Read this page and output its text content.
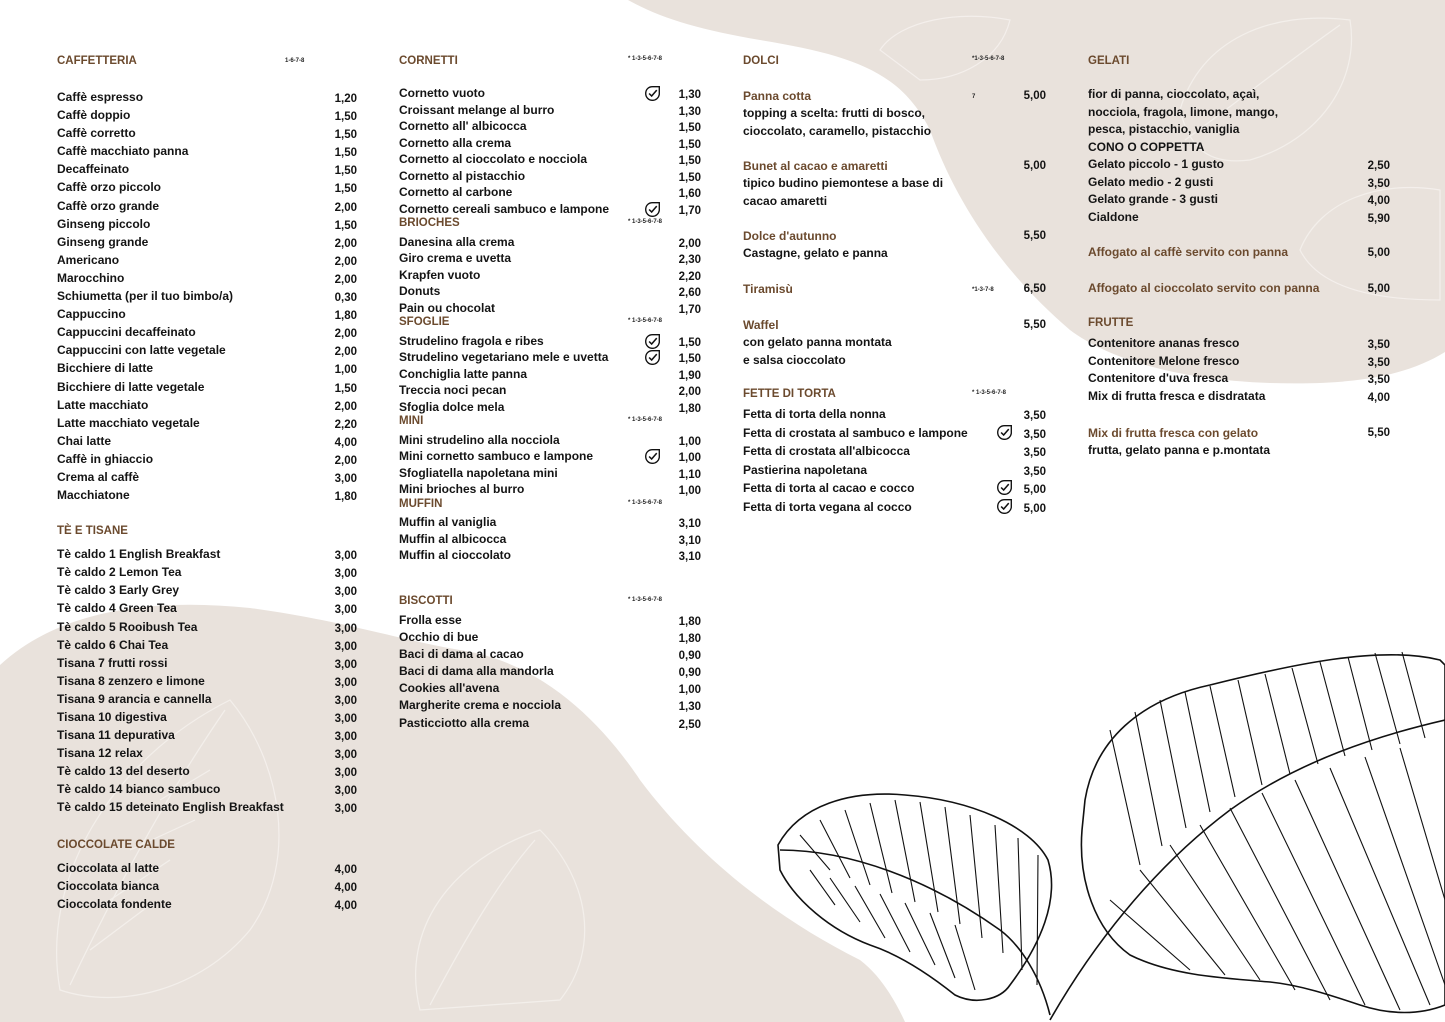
CAFFETTERIA	1-6-7-8
Caffè espresso	1,20
Caffè doppio	1,50
Caffè corretto	1,50
Caffè macchiato panna	1,50
Decaffeinato	1,50
Caffè orzo piccolo	1,50
Caffè orzo grande	2,00
Ginseng piccolo	1,50
Ginseng grande	2,00
Americano	2,00
Marocchino	2,00
Schiumetta (per il tuo bimbo/a)	0,30
Cappuccino	1,80
Cappuccini decaffeinato	2,00
Cappuccini con latte vegetale	2,00
Bicchiere di latte	1,00
Bicchiere di latte vegetale	1,50
Latte macchiato	2,00
Latte macchiato vegetale	2,20
Chai latte	4,00
Caffè in ghiaccio	2,00
Crema al caffè	3,00
Macchiatone	1,80
TÈ E TISANE
Tè caldo 1 English Breakfast	3,00
Tè caldo 2 Lemon Tea	3,00
Tè caldo 3 Early Grey	3,00
Tè caldo 4 Green Tea	3,00
Tè caldo 5 Rooibush Tea	3,00
Tè caldo 6 Chai Tea	3,00
Tisana 7 frutti rossi	3,00
Tisana 8 zenzero e limone	3,00
Tisana 9 arancia e cannella	3,00
Tisana 10 digestiva	3,00
Tisana 11 depurativa	3,00
Tisana 12 relax	3,00
Tè caldo 13 del deserto	3,00
Tè caldo 14 bianco sambuco	3,00
Tè caldo 15 deteinato English Breakfast	3,00
CIOCCOLATE CALDE
Cioccolata al latte	4,00
Cioccolata bianca	4,00
Cioccolata fondente	4,00
CORNETTI	* 1-3-5-6-7-8
Cornetto vuoto	1,30
Croissant melange al burro	1,30
Cornetto all' albicocca	1,50
Cornetto alla crema	1,50
Cornetto al cioccolato e nocciola	1,50
Cornetto al pistacchio	1,50
Cornetto al carbone	1,60
Cornetto cereali sambuco e lampone	1,70
BRIOCHES	* 1-3-5-6-7-8
Danesina alla crema	2,00
Giro crema e uvetta	2,30
Krapfen vuoto	2,20
Donuts	2,60
Pain ou chocolat	1,70
SFOGLIE	* 1-3-5-6-7-8
Strudelino fragola e ribes	1,50
Strudelino vegetariano mele e uvetta	1,50
Conchiglia latte panna	1,90
Treccia noci pecan	2,00
Sfoglia dolce mela	1,80
MINI	* 1-3-5-6-7-8
Mini strudelino alla nocciola	1,00
Mini cornetto sambuco e lampone	1,00
Sfogliatella napoletana mini	1,10
Mini brioches al burro	1,00
MUFFIN	* 1-3-5-6-7-8
Muffin al vaniglia	3,10
Muffin al albicocca	3,10
Muffin al cioccolato	3,10
BISCOTTI	* 1-3-5-6-7-8
Frolla esse	1,80
Occhio di bue	1,80
Baci di dama al cacao	0,90
Baci di dama alla mandorla	0,90
Cookies all'avena	1,00
Margherite crema e nocciola	1,30
Pasticciotto alla crema	2,50
DOLCI	*1-3-5-6-7-8
Panna cotta	7	5,00
topping a scelta: frutti di bosco,
cioccolato, caramello, pistacchio
Bunet al cacao e amaretti	5,00
tipico budino piemontese a base di
cacao amaretti
Dolce d'autunno	5,50
Castagne, gelato e panna
Tiramisù	*1-3-7-8	6,50
Waffel	5,50
con gelato panna montata
e salsa cioccolato
FETTE DI TORTA	* 1-3-5-6-7-8
Fetta di torta della nonna	3,50
Fetta di crostata al sambuco e lampone	3,50
Fetta di crostata all'albicocca	3,50
Pastierina napoletana	3,50
Fetta di torta al cacao e cocco	5,00
Fetta di torta vegana al cocco	5,00
GELATI
fior di panna, cioccolato, açaì,
nocciola, fragola, limone, mango,
pesca, pistacchio, vaniglia
CONO O COPPETTA
Gelato piccolo - 1 gusto	2,50
Gelato medio - 2 gusti	3,50
Gelato grande - 3 gusti	4,00
Cialdone	5,90
Affogato al caffè servito con panna	5,00
Affogato al cioccolato servito con panna	5,00
FRUTTE
Contenitore ananas fresco	3,50
Contenitore Melone fresco	3,50
Contenitore d'uva fresca	3,50
Mix di frutta fresca e disdratata	4,00
Mix di frutta fresca con gelato	5,50
frutta, gelato panna e p.montata
